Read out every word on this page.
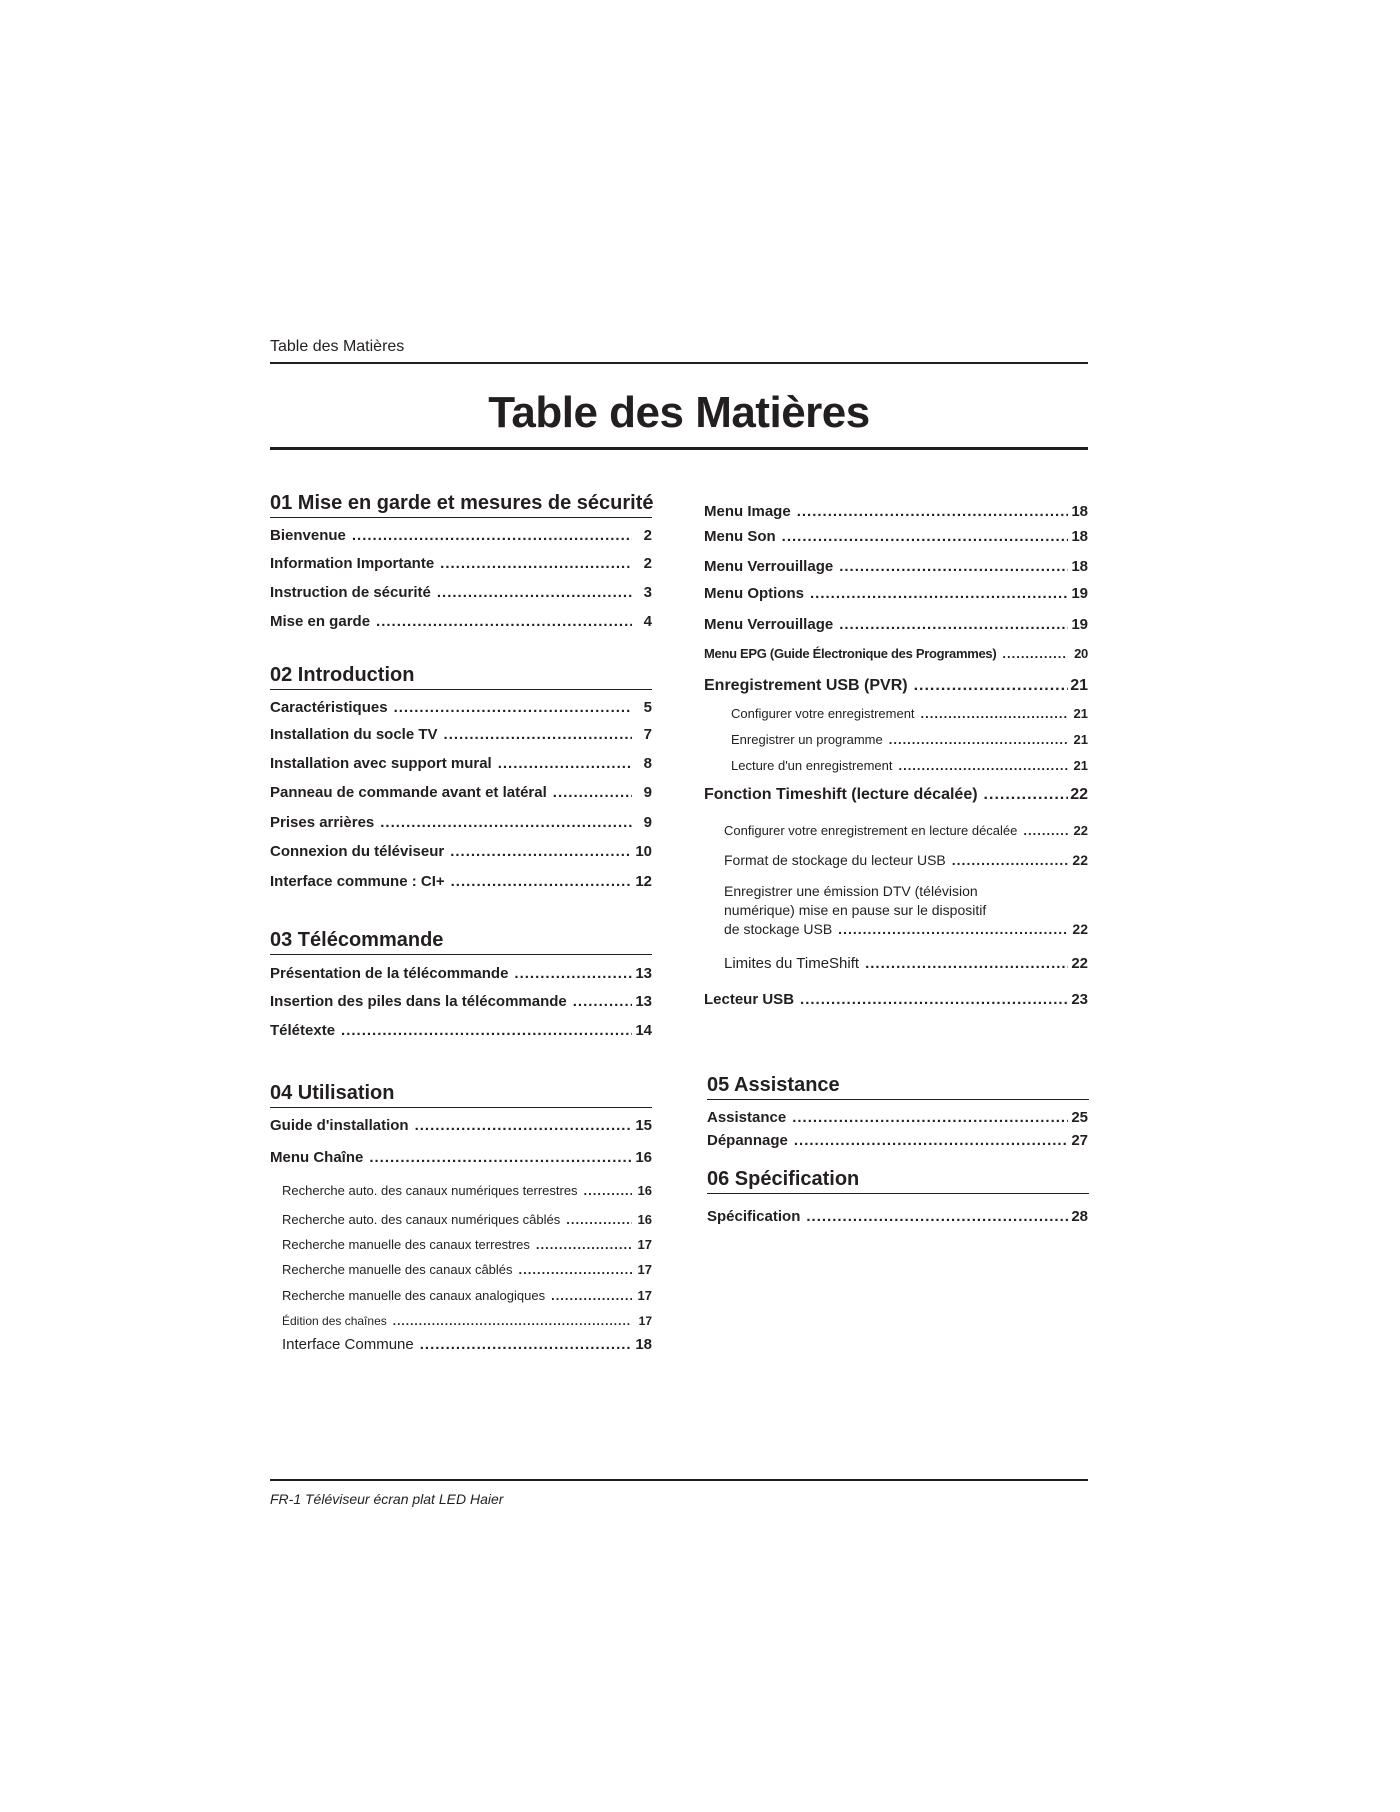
Table des Matières
Table des Matières
01 Mise en garde et mesures de sécurité
Bienvenue .....	2
Information Importante .....	2
Instruction de sécurité .....	3
Mise en garde .....	4
02 Introduction
Caractéristiques .....	5
Installation du socle TV .....	7
Installation avec support mural .....	8
Panneau de commande avant et latéral .....	9
Prises arrières .....	9
Connexion du téléviseur .....	10
Interface commune : CI+ .....	12
03 Télécommande
Présentation de la télécommande .....	13
Insertion des piles dans la télécommande .....	13
Télétexte .....	14
04 Utilisation
Guide d'installation .....	15
Menu Chaîne .....	16
Recherche auto. des canaux numériques terrestres .....	16
Recherche auto. des canaux numériques câblés .....	16
Recherche manuelle des canaux terrestres .....	17
Recherche manuelle des canaux câblés .....	17
Recherche manuelle des canaux analogiques .....	17
Édition des chaînes .....	17
Interface Commune .....	18
Menu Image .....	18
Menu Son .....	18
Menu Verrouillage .....	18
Menu Options .....	19
Menu Verrouillage .....	19
Menu EPG (Guide Électronique des Programmes) .....	20
Enregistrement USB (PVR) .....	21
Configurer votre enregistrement .....	21
Enregistrer un programme .....	21
Lecture d'un enregistrement .....	21
Fonction Timeshift (lecture décalée) .....	22
Configurer votre enregistrement en lecture décalée .....	22
Format de stockage du lecteur USB .....	22
Enregistrer une émission DTV (télévision
numérique) mise en pause sur le dispositif
de stockage USB .....	22
Limites du TimeShift .....	22
Lecteur USB .....	23
05 Assistance
Assistance .....	25
Dépannage .....	27
06 Spécification
Spécification .....	28
FR-1 Téléviseur écran plat LED Haier
